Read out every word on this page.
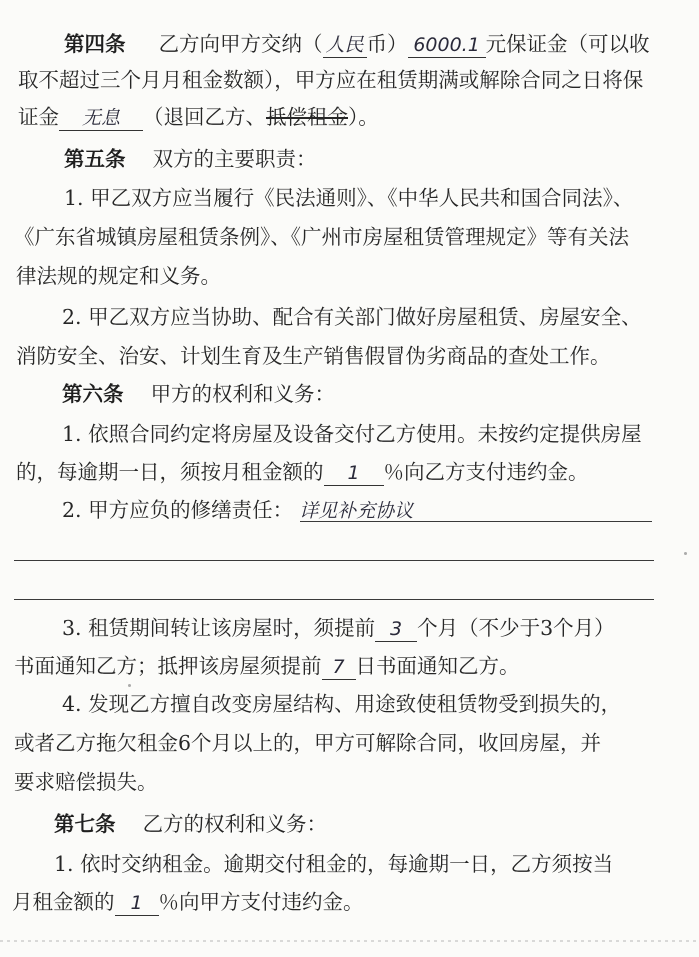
第四条 乙方向甲方交纳（ 人民 币） 6000.1 元保证金（可以收
取不超过三个月月租金数额），甲方应在租赁期满或解除合同之日将保
证金 无息 （退回乙方、抵偿租金）。
第五条 双方的主要职责：
1. 甲乙双方应当履行《民法通则》、《中华人民共和国合同法》、
《广东省城镇房屋租赁条例》、《广州市房屋租赁管理规定》等有关法
律法规的规定和义务。
2. 甲乙双方应当协助、配合有关部门做好房屋租赁、房屋安全、
消防安全、治安、计划生育及生产销售假冒伪劣商品的查处工作。
第六条 甲方的权利和义务：
1. 依照合同约定将房屋及设备交付乙方使用。未按约定提供房屋
的，每逾期一日，须按月租金额的 1 ％向乙方支付违约金。
2. 甲方应负的修缮责任： 详见补充协议
3. 租赁期间转让该房屋时，须提前 3 个月（不少于3个月）
书面通知乙方；抵押该房屋须提前 7 日书面通知乙方。
4. 发现乙方擅自改变房屋结构、用途致使租赁物受到损失的，
或者乙方拖欠租金6个月以上的，甲方可解除合同，收回房屋，并
要求赔偿损失。
第七条 乙方的权利和义务：
1. 依时交纳租金。逾期交付租金的，每逾期一日，乙方须按当
月租金额的 1 ％向甲方支付违约金。
